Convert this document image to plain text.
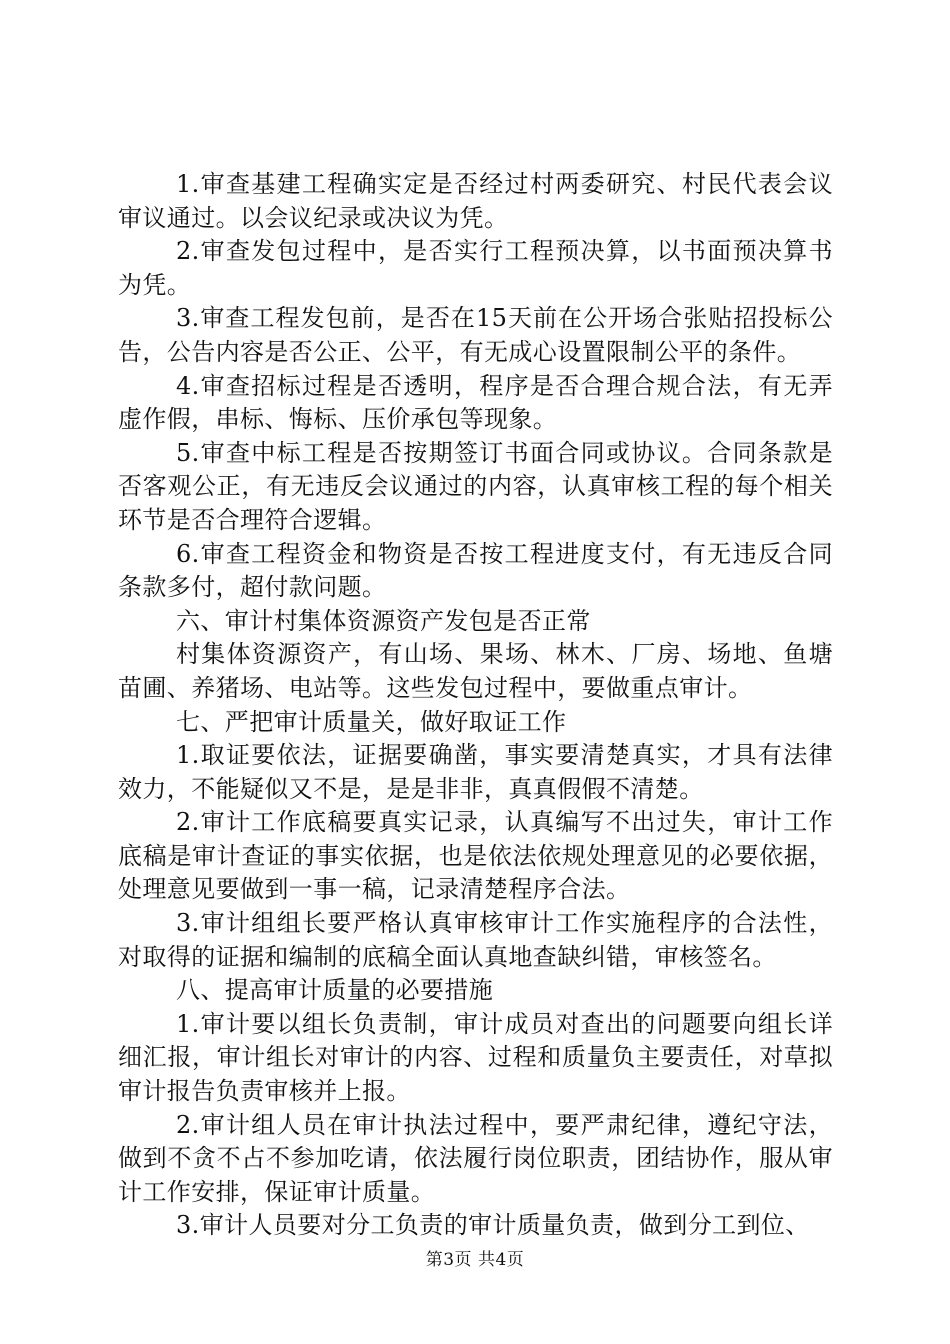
1.审查基建工程确实定是否经过村两委研究、村民代表会议审议通过。以会议纪录或决议为凭。

2.审查发包过程中，是否实行工程预决算，以书面预决算书为凭。

3.审查工程发包前，是否在15天前在公开场合张贴招投标公告，公告内容是否公正、公平，有无成心设置限制公平的条件。

4.审查招标过程是否透明，程序是否合理合规合法，有无弄虚作假，串标、悔标、压价承包等现象。

5.审查中标工程是否按期签订书面合同或协议。合同条款是否客观公正，有无违反会议通过的内容，认真审核工程的每个相关环节是否合理符合逻辑。

6.审查工程资金和物资是否按工程进度支付，有无违反合同条款多付，超付款问题。

六、审计村集体资源资产发包是否正常

村集体资源资产，有山场、果场、林木、厂房、场地、鱼塘苗圃、养猪场、电站等。这些发包过程中，要做重点审计。

七、严把审计质量关，做好取证工作

1.取证要依法，证据要确凿，事实要清楚真实，才具有法律效力，不能疑似又不是，是是非非，真真假假不清楚。

2.审计工作底稿要真实记录，认真编写不出过失，审计工作底稿是审计查证的事实依据，也是依法依规处理意见的必要依据，处理意见要做到一事一稿，记录清楚程序合法。

3.审计组组长要严格认真审核审计工作实施程序的合法性，对取得的证据和编制的底稿全面认真地查缺纠错，审核签名。

八、提高审计质量的必要措施

1.审计要以组长负责制，审计成员对查出的问题要向组长详细汇报，审计组长对审计的内容、过程和质量负主要责任，对草拟审计报告负责审核并上报。

2.审计组人员在审计执法过程中，要严肃纪律，遵纪守法，做到不贪不占不参加吃请，依法履行岗位职责，团结协作，服从审计工作安排，保证审计质量。

3.审计人员要对分工负责的审计质量负责，做到分工到位、

第3页 共4页
